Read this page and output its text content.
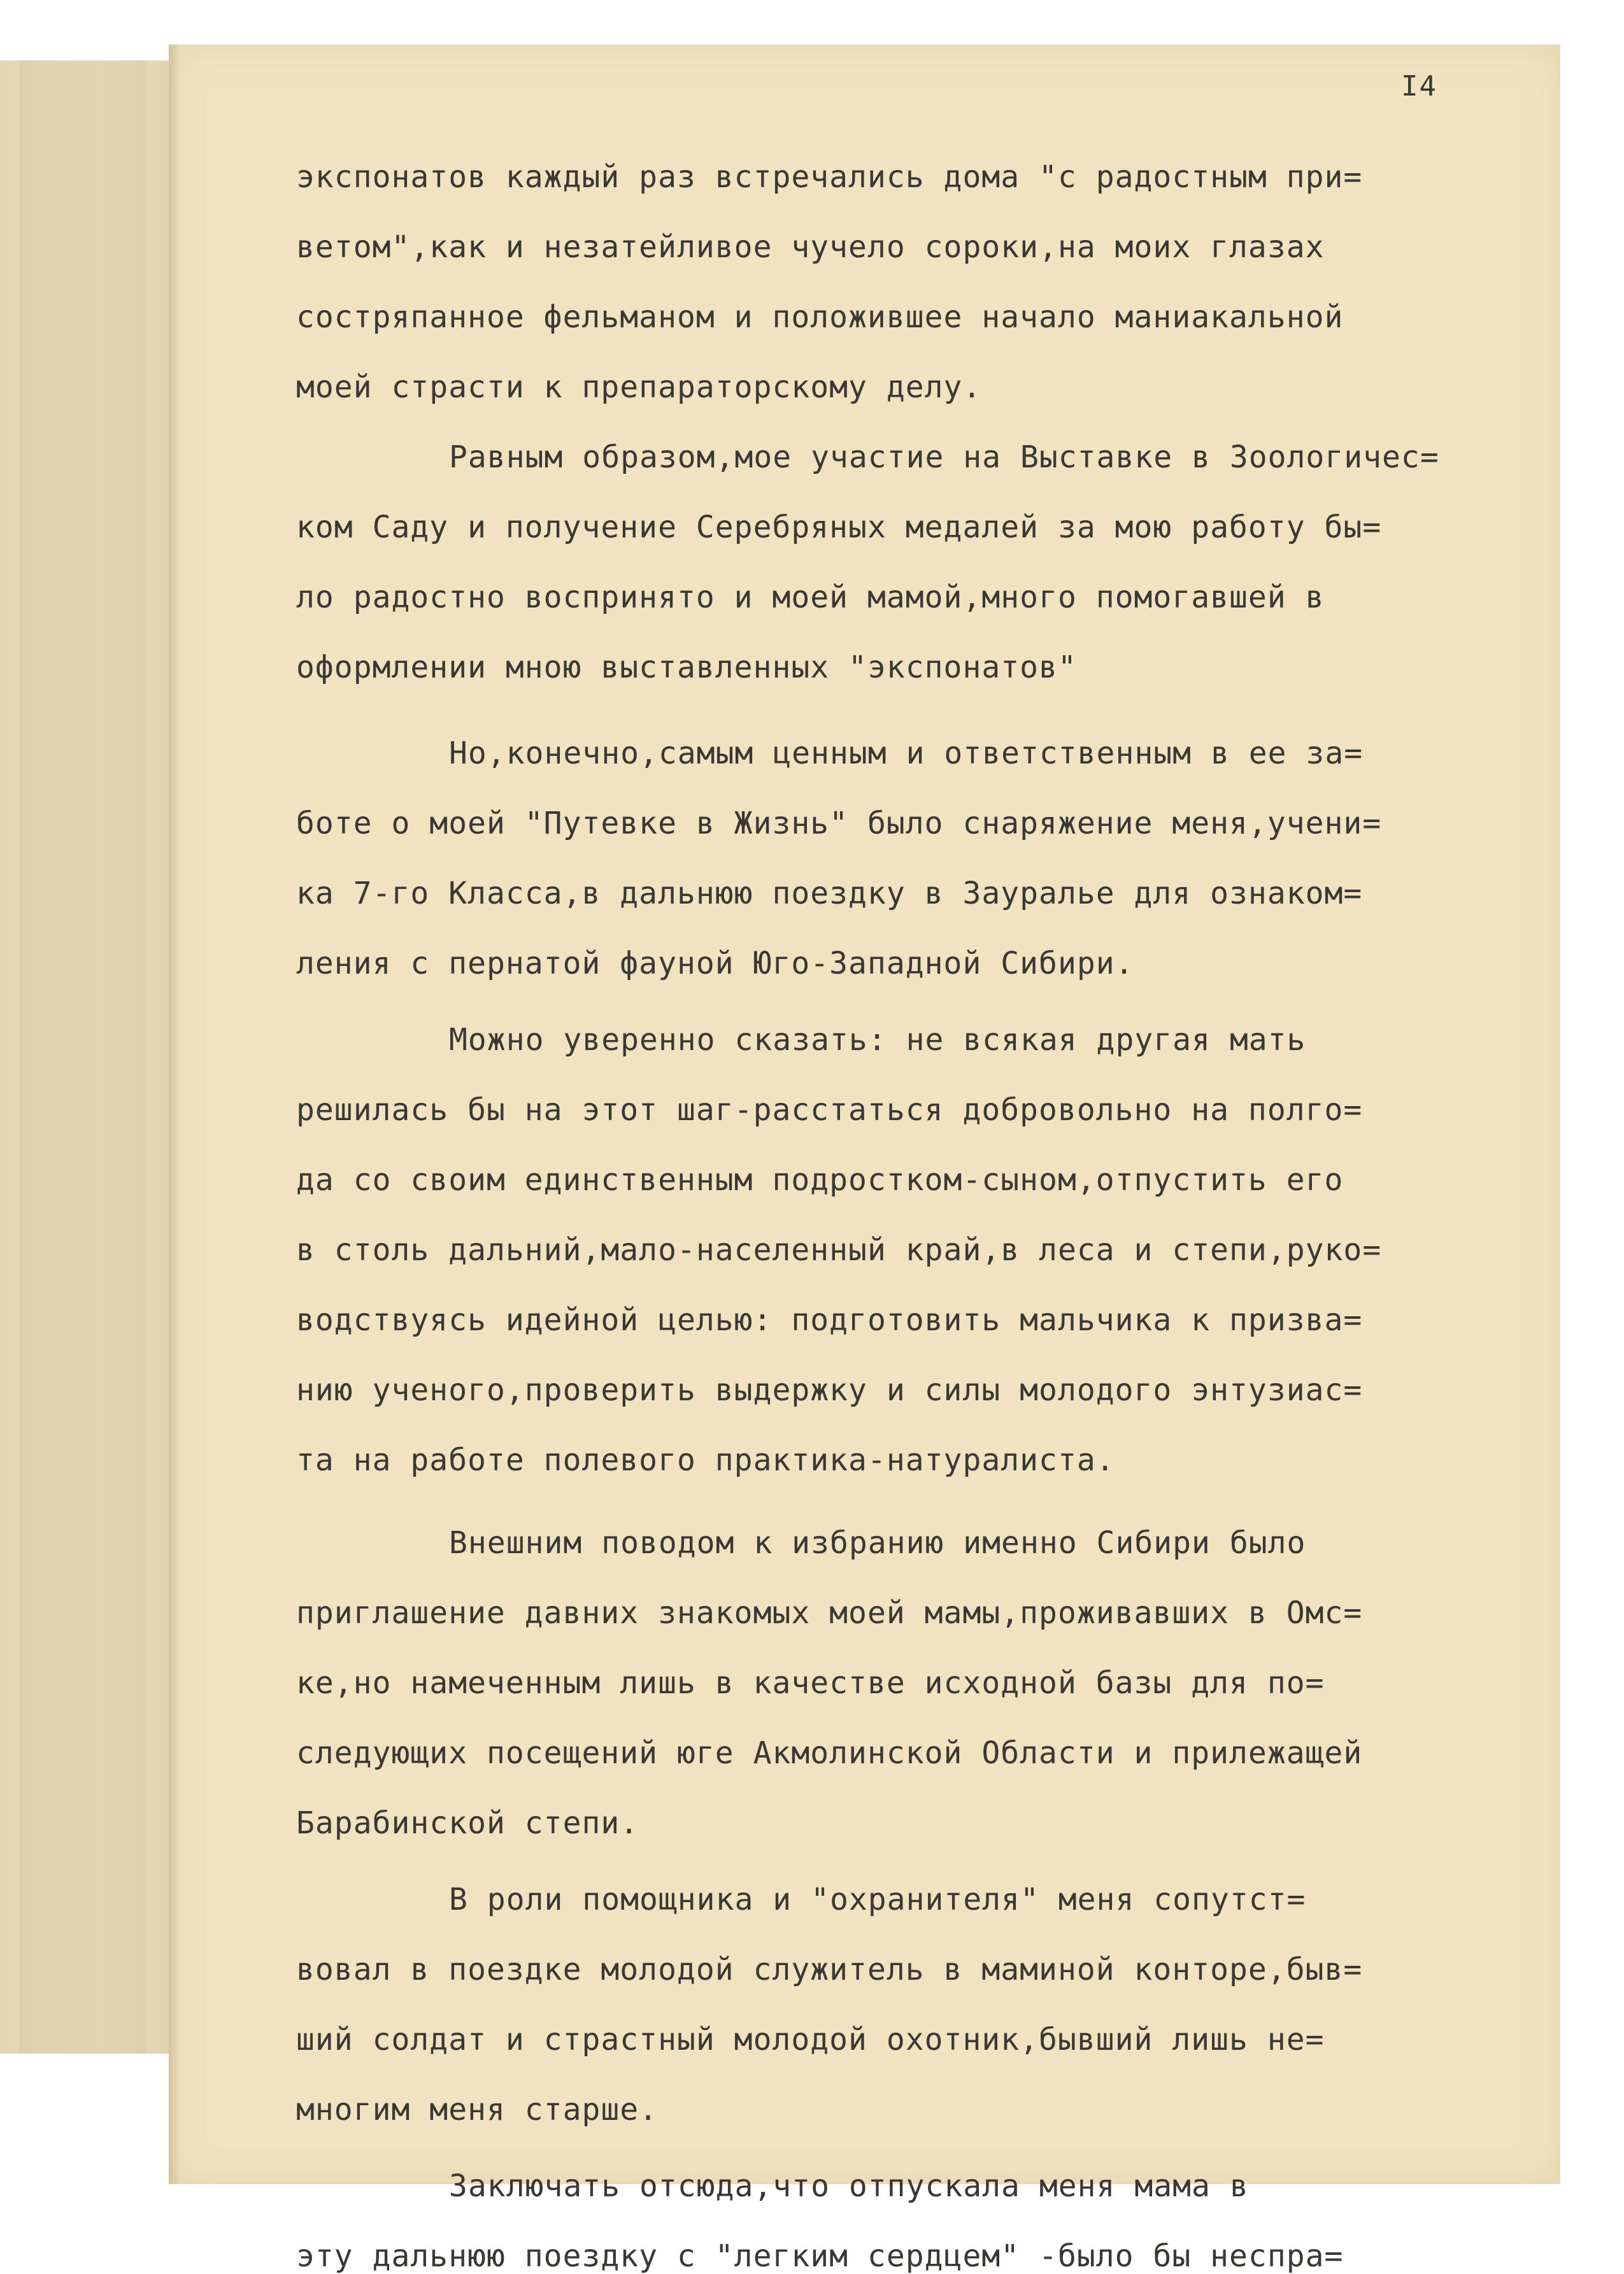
I4
экспонатов каждый раз встречались дома "с радостным при=
ветом",как и незатейливое чучело сороки,на моих глазах
состряпанное фельманом и положившее начало маниакальной
моей страсти к препараторскому делу.
Равным образом,мое участие на Выставке в Зоологичес=
ком Саду и получение Серебряных медалей за мою работу бы=
ло радостно воспринято и моей мамой,много помогавшей в
оформлении мною выставленных "экспонатов"
Но,конечно,самым ценным и ответственным в ее за=
боте о моей "Путевке в Жизнь" было снаряжение меня,учени=
ка 7-го Класса,в дальнюю поездку в Зауралье для ознаком=
ления с пернатой фауной Юго-Западной Сибири.
Можно уверенно сказать: не всякая другая мать
решилась бы на этот шаг-расстаться добровольно на полго=
да со своим единственным подростком-сыном,отпустить его
в столь дальний,мало-населенный край,в леса и степи,руко=
водствуясь идейной целью: подготовить мальчика к призва=
нию ученого,проверить выдержку и силы молодого энтузиас=
та на работе полевого практика-натуралиста.
Внешним поводом к избранию именно Сибири было
приглашение давних знакомых моей мамы,проживавших в Омс=
ке,но намеченным лишь в качестве исходной базы для по=
следующих посещений юге Акмолинской Области и прилежащей
Барабинской степи.
В роли помощника и "охранителя" меня сопутст=
вовал в поездке молодой служитель в маминой конторе,быв=
ший солдат и страстный молодой охотник,бывший лишь не=
многим меня старше.
Заключать отсюда,что отпускала меня мама в
эту дальнюю поездку с "легким сердцем" -было бы неспра=
